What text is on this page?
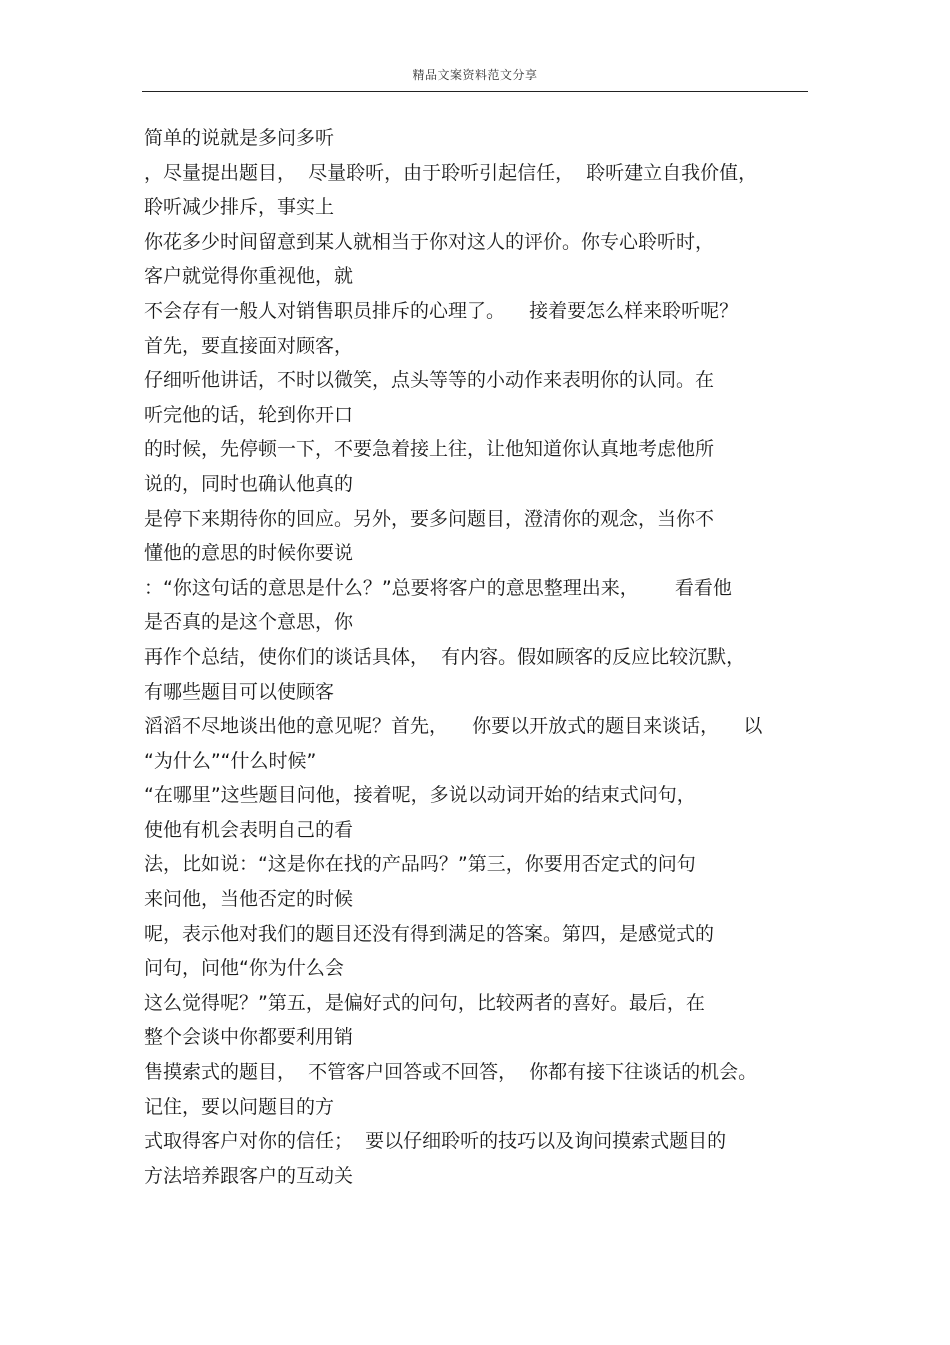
精品文案资料范文分享
简单的说就是多问多听
，尽量提出题目，  尽量聆听，由于聆听引起信任，  聆听建立自我价值，
聆听减少排斥，事实上
你花多少时间留意到某人就相当于你对这人的评价。你专心聆听时，
客户就觉得你重视他，就
不会存有一般人对销售职员排斥的心理了。    接着要怎么样来聆听呢？
首先，要直接面对顾客，
仔细听他讲话，不时以微笑，点头等等的小动作来表明你的认同。在
听完他的话，轮到你开口
的时候，先停顿一下，不要急着接上往，让他知道你认真地考虑他所
说的，同时也确认他真的
是停下来期待你的回应。另外，要多问题目，澄清你的观念，当你不
懂他的意思的时候你要说
：“你这句话的意思是什么？”总要将客户的意思整理出来，      看看他
是否真的是这个意思，你
再作个总结，使你们的谈话具体，  有内容。假如顾客的反应比较沉默，
有哪些题目可以使顾客
滔滔不尽地谈出他的意见呢？首先，    你要以开放式的题目来谈话，    以
“为什么”“什么时候”
“在哪里”这些题目问他，接着呢，多说以动词开始的结束式问句，
使他有机会表明自己的看
法，比如说：“这是你在找的产品吗？”第三，你要用否定式的问句
来问他，当他否定的时候
呢，表示他对我们的题目还没有得到满足的答案。第四，是感觉式的
问句，问他“你为什么会
这么觉得呢？”第五，是偏好式的问句，比较两者的喜好。最后，在
整个会谈中你都要利用销
售摸索式的题目，  不管客户回答或不回答，  你都有接下往谈话的机会。
记住，要以问题目的方
式取得客户对你的信任；  要以仔细聆听的技巧以及询问摸索式题目的
方法培养跟客户的互动关
